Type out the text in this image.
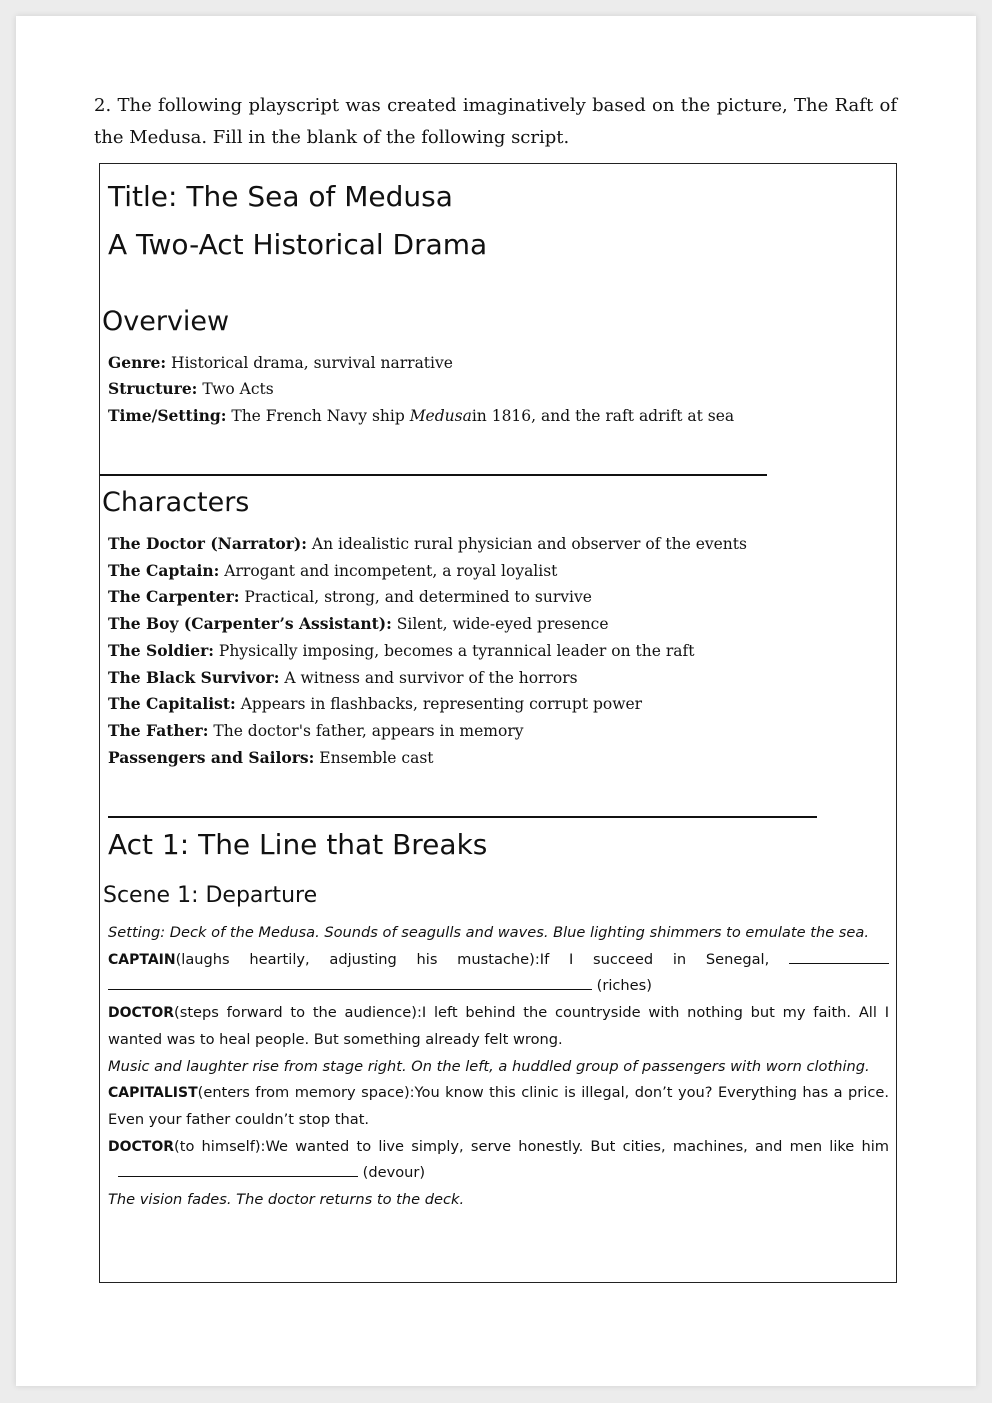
2. The following playscript was created imaginatively based on the picture, The Raft of the Medusa. Fill in the blank of the following script.
Title: The Sea of Medusa
A Two-Act Historical Drama
Overview
Genre: Historical drama, survival narrative
Structure: Two Acts
Time/Setting: The French Navy ship Medusain 1816, and the raft adrift at sea
Characters
The Doctor (Narrator): An idealistic rural physician and observer of the events
The Captain: Arrogant and incompetent, a royal loyalist
The Carpenter: Practical, strong, and determined to survive
The Boy (Carpenter’s Assistant): Silent, wide-eyed presence
The Soldier: Physically imposing, becomes a tyrannical leader on the raft
The Black Survivor: A witness and survivor of the horrors
The Capitalist: Appears in flashbacks, representing corrupt power
The Father: The doctor's father, appears in memory
Passengers and Sailors: Ensemble cast
Act 1: The Line that Breaks
Scene 1: Departure

Setting: Deck of the Medusa. Sounds of seagulls and waves. Blue lighting shimmers to emulate the sea.

CAPTAIN(laughs heartily, adjusting his mustache):If I succeed in Senegal,   (riches)

DOCTOR(steps forward to the audience):I left behind the countryside with nothing but my faith. All I wanted was to heal people. But something already felt wrong.

Music and laughter rise from stage right. On the left, a huddled group of passengers with worn clothing.

CAPITALIST(enters from memory space):You know this clinic is illegal, don’t you? Everything has a price. Even your father couldn’t stop that.

DOCTOR(to himself):We wanted to live simply, serve honestly. But cities, machines, and men like him  (devour)

The vision fades. The doctor returns to the deck.
